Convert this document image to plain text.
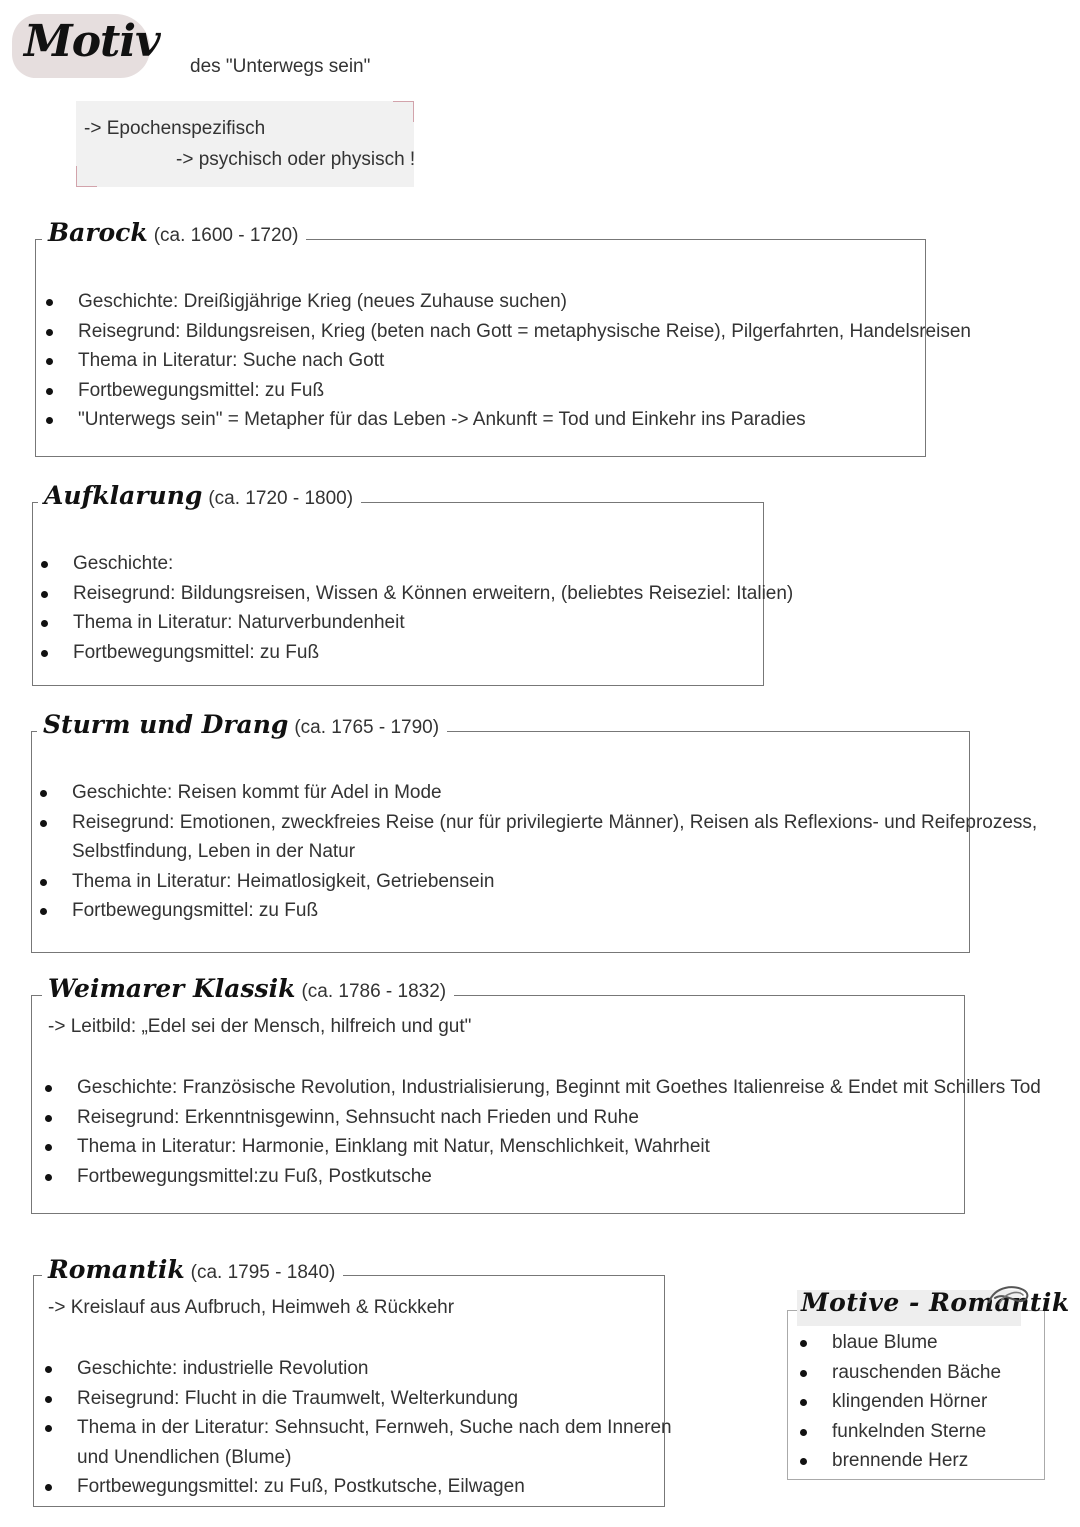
Motiv des "Unterwegs sein"
-> Epochenspezifisch
-> psychisch oder physisch !
Barock (ca. 1600 - 1720)
Geschichte: Dreißigjährige Krieg (neues Zuhause suchen)
Reisegrund: Bildungsreisen, Krieg (beten nach Gott = metaphysische Reise), Pilgerfahrten, Handelsreisen
Thema in Literatur: Suche nach Gott
Fortbewegungsmittel: zu Fuß
"Unterwegs sein" = Metapher für das Leben -> Ankunft = Tod und Einkehr ins Paradies
Aufklarung (ca. 1720 - 1800)
Geschichte:
Reisegrund: Bildungsreisen, Wissen & Können erweitern, (beliebtes Reiseziel: Italien)
Thema in Literatur: Naturverbundenheit
Fortbewegungsmittel: zu Fuß
Sturm und Drang (ca. 1765 - 1790)
Geschichte: Reisen kommt für Adel in Mode
Reisegrund: Emotionen, zweckfreies Reise (nur für privilegierte Männer), Reisen als Reflexions- und Reifeprozess,
Selbstfindung, Leben in der Natur
Thema in Literatur: Heimatlosigkeit, Getriebensein
Fortbewegungsmittel: zu Fuß
Weimarer Klassik (ca. 1786 - 1832)
-> Leitbild: „Edel sei der Mensch, hilfreich und gut"
Geschichte: Französische Revolution, Industrialisierung, Beginnt mit Goethes Italienreise & Endet mit Schillers Tod
Reisegrund: Erkenntnisgewinn, Sehnsucht nach Frieden und Ruhe
Thema in Literatur: Harmonie, Einklang mit Natur, Menschlichkeit, Wahrheit
Fortbewegungsmittel:zu Fuß, Postkutsche
Romantik (ca. 1795 - 1840)
-> Kreislauf aus Aufbruch, Heimweh & Rückkehr
Geschichte: industrielle Revolution
Reisegrund: Flucht in die Traumwelt, Welterkundung
Thema in der Literatur: Sehnsucht, Fernweh, Suche nach dem Inneren
und Unendlichen (Blume)
Fortbewegungsmittel: zu Fuß, Postkutsche, Eilwagen
Motive - Romantik
blaue Blume
rauschenden Bäche
klingenden Hörner
funkelnden Sterne
brennende Herz
